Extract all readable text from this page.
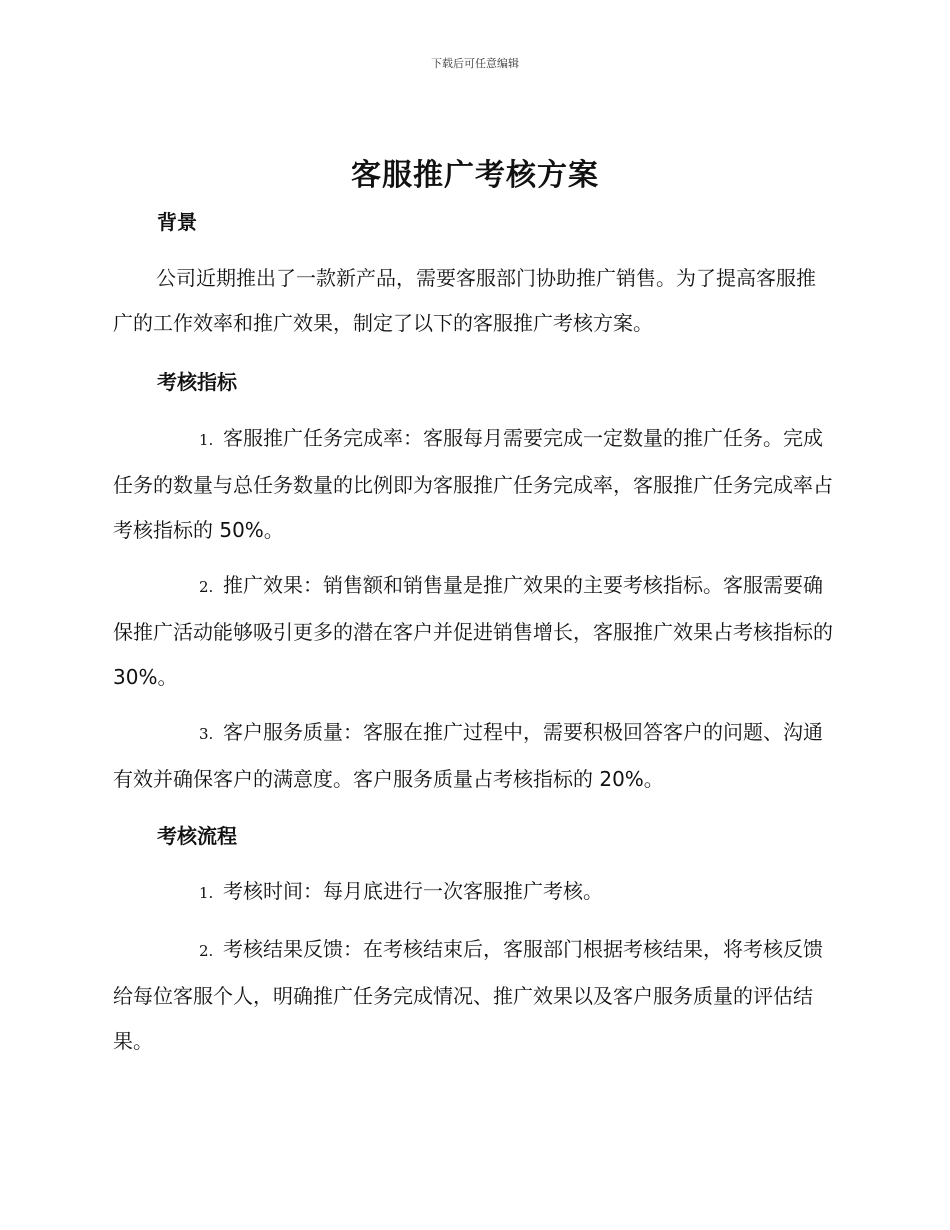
下载后可任意编辑
客服推广考核方案
背景

公司近期推出了一款新产品，需要客服部门协助推广销售。为了提高客服推广的工作效率和推广效果，制定了以下的客服推广考核方案。

考核指标

1. 客服推广任务完成率：客服每月需要完成一定数量的推广任务。完成任务的数量与总任务数量的比例即为客服推广任务完成率，客服推广任务完成率占考核指标的 50%。

2. 推广效果：销售额和销售量是推广效果的主要考核指标。客服需要确保推广活动能够吸引更多的潜在客户并促进销售增长，客服推广效果占考核指标的 30%。

3. 客户服务质量：客服在推广过程中，需要积极回答客户的问题、沟通有效并确保客户的满意度。客户服务质量占考核指标的 20%。

考核流程

1. 考核时间：每月底进行一次客服推广考核。

2. 考核结果反馈：在考核结束后，客服部门根据考核结果，将考核反馈给每位客服个人，明确推广任务完成情况、推广效果以及客户服务质量的评估结果。
